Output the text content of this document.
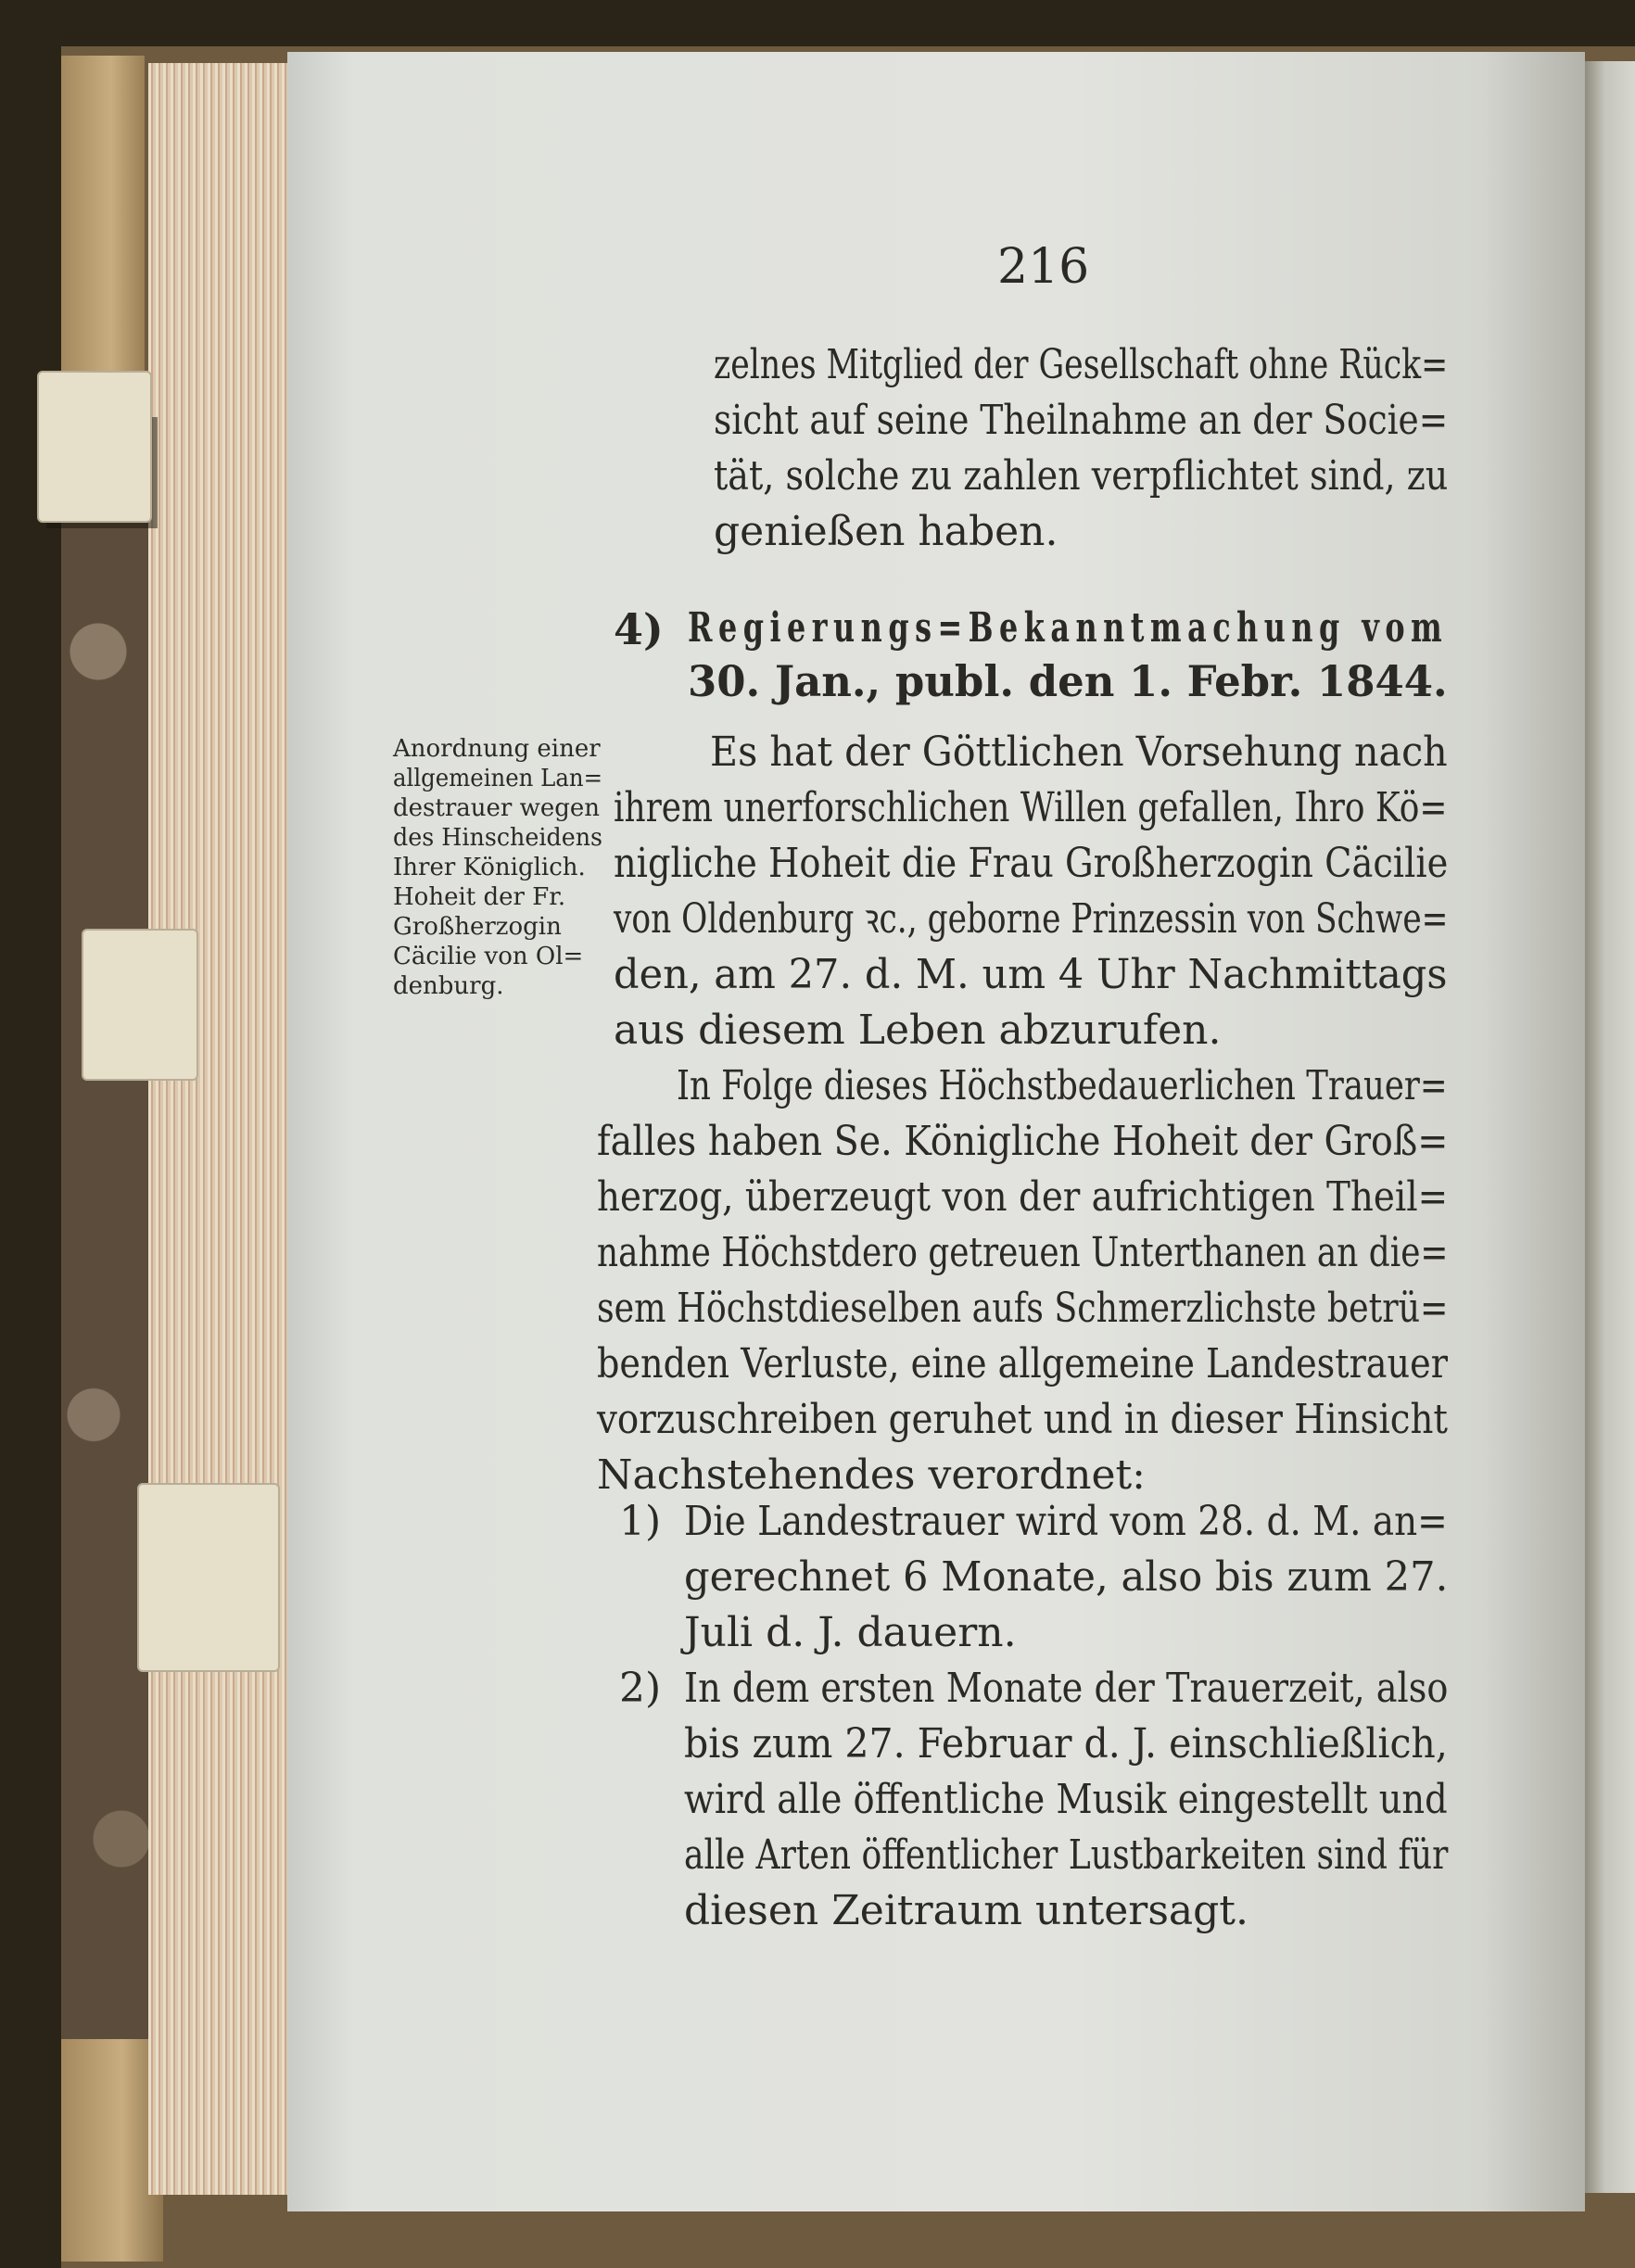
216
zelnes Mitglied der Gesellschaft ohne Rück=
sicht auf seine Theilnahme an der Socie=
tät, solche zu zahlen verpflichtet sind, zu
genießen haben.
4) Regierungs=Bekanntmachung vom
30. Jan., publ. den 1. Febr. 1844.
Anordnung einer
allgemeinen Lan=
destrauer wegen
des Hinscheidens
Ihrer Königlich.
Hoheit der Fr.
Großherzogin
Cäcilie von Ol=
denburg.
Es hat der Göttlichen Vorsehung nach
ihrem unerforschlichen Willen gefallen, Ihro Kö=
nigliche Hoheit die Frau Großherzogin Cäcilie
von Oldenburg ꝛc., geborne Prinzessin von Schwe=
den, am 27. d. M. um 4 Uhr Nachmittags
aus diesem Leben abzurufen.
In Folge dieses Höchstbedauerlichen Trauer=
falles haben Se. Königliche Hoheit der Groß=
herzog, überzeugt von der aufrichtigen Theil=
nahme Höchstdero getreuen Unterthanen an die=
sem Höchstdieselben aufs Schmerzlichste betrü=
benden Verluste, eine allgemeine Landestrauer
vorzuschreiben geruhet und in dieser Hinsicht
Nachstehendes verordnet:
1) Die Landestrauer wird vom 28. d. M. an=
gerechnet 6 Monate, also bis zum 27.
Juli d. J. dauern.
2) In dem ersten Monate der Trauerzeit, also
bis zum 27. Februar d. J. einschließlich,
wird alle öffentliche Musik eingestellt und
alle Arten öffentlicher Lustbarkeiten sind für
diesen Zeitraum untersagt.
